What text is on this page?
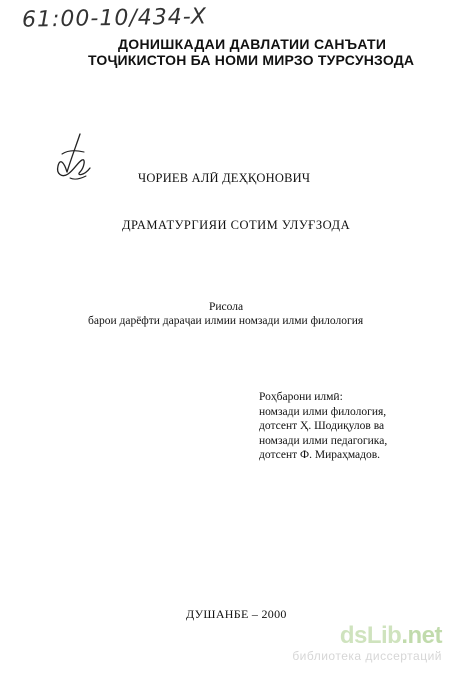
61:00-10/434-X
ДОНИШКАДАИ ДАВЛАТИИ САНЪАТИ
ТОҶИКИСТОН БА НОМИ МИРЗО ТУРСУНЗОДА
ЧОРИЕВ АЛӢ ДЕҲҚОНОВИЧ
ДРАМАТУРГИЯИ СОТИМ УЛУҒЗОДА
Рисола
барои дарёфти дараҷаи илмии номзади илми филология
Роҳбарони илмӣ:
номзади илми филология,
дотсент Ҳ. Шодиқулов ва
номзади илми педагогика,
дотсент Ф. Мираҳмадов.
ДУШАНБЕ – 2000
dsLib.net
библиотека диссертаций
